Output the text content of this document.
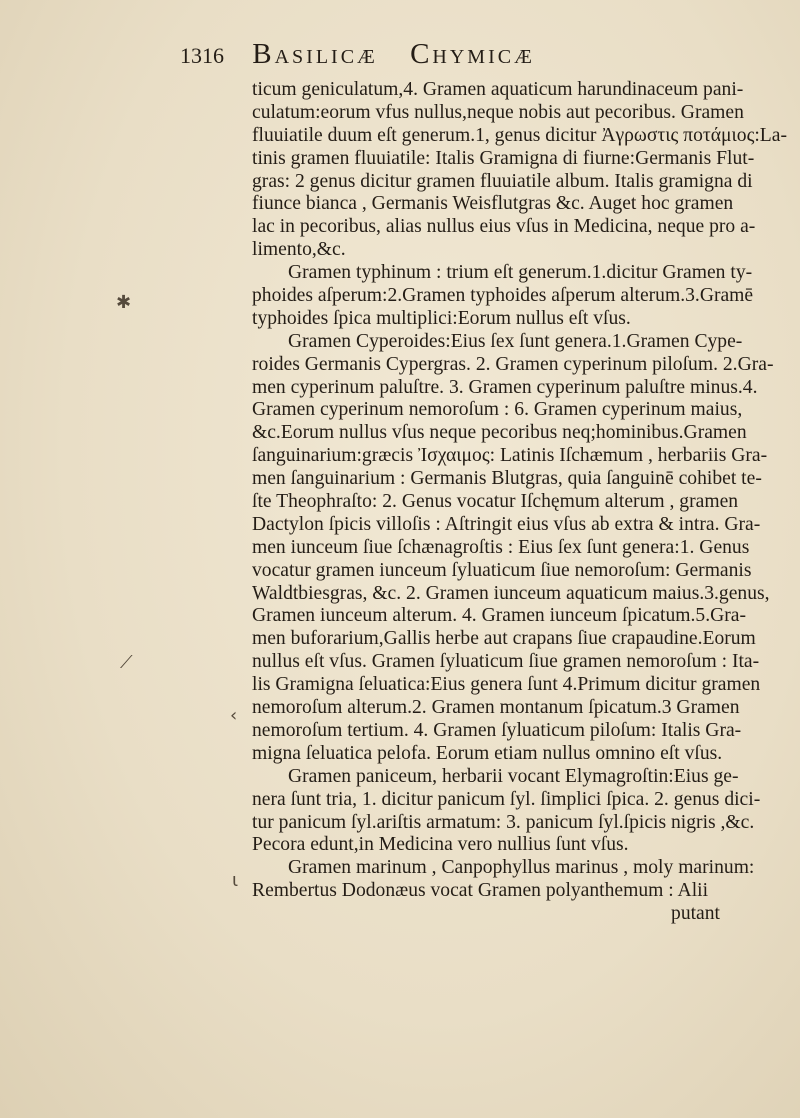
1316 Basilicæ Chymicæ
✱
⟋
‹
ɩ
ticum geniculatum,4. Gramen aquaticum harundinaceum pani-
culatum:eorum vfus nullus,neque nobis aut pecoribus. Gramen
fluuiatile duum eſt generum.1, genus dicitur Ἀγρωστις ποτάμιος:La-
tinis gramen fluuiatile: Italis Gramigna di fiurne:Germanis Flut-
gras: 2 genus dicitur gramen fluuiatile album. Italis gramigna di
fiunce bianca , Germanis Weisflutgras &c. Auget hoc gramen
lac in pecoribus, alias nullus eius vſus in Medicina, neque pro a-
limento,&c.
Gramen typhinum : trium eſt generum.1.dicitur Gramen ty-
phoides aſperum:2.Gramen typhoides aſperum alterum.3.Gramē
typhoides ſpica multiplici:Eorum nullus eſt vſus.
Gramen Cyperoides:Eius ſex ſunt genera.1.Gramen Cype-
roides Germanis Cypergras. 2. Gramen cyperinum piloſum. 2.Gra-
men cyperinum paluſtre. 3. Gramen cyperinum paluſtre minus.4.
Gramen cyperinum nemoroſum : 6. Gramen cyperinum maius,
&c.Eorum nullus vſus neque pecoribus neq;hominibus.Gramen
ſanguinarium:græcis Ἰσχαιμος: Latinis Iſchæmum , herbariis Gra-
men ſanguinarium : Germanis Blutgras, quia ſanguinē cohibet te-
ſte Theophraſto: 2. Genus vocatur Iſchęmum alterum , gramen
Dactylon ſpicis villoſis : Aſtringit eius vſus ab extra & intra. Gra-
men iunceum ſiue ſchænagroſtis : Eius ſex ſunt genera:1. Genus
vocatur gramen iunceum ſyluaticum ſiue nemoroſum: Germanis
Waldtbiesgras, &c. 2. Gramen iunceum aquaticum maius.3.genus,
Gramen iunceum alterum. 4. Gramen iunceum ſpicatum.5.Gra-
men buforarium,Gallis herbe aut crapans ſiue crapaudine.Eorum
nullus eſt vſus. Gramen ſyluaticum ſiue gramen nemoroſum : Ita-
lis Gramigna ſeluatica:Eius genera ſunt 4.Primum dicitur gramen
nemoroſum alterum.2. Gramen montanum ſpicatum.3 Gramen
nemoroſum tertium. 4. Gramen ſyluaticum piloſum: Italis Gra-
migna ſeluatica pelofa. Eorum etiam nullus omnino eſt vſus.
Gramen paniceum, herbarii vocant Elymagroſtin:Eius ge-
nera ſunt tria, 1. dicitur panicum ſyl. ſimplici ſpica. 2. genus dici-
tur panicum ſyl.ariſtis armatum: 3. panicum ſyl.ſpicis nigris ,&c.
Pecora edunt,in Medicina vero nullius ſunt vſus.
Gramen marinum , Canpophyllus marinus , moly marinum:
Rembertus Dodonæus vocat Gramen polyanthemum : Alii
putant
